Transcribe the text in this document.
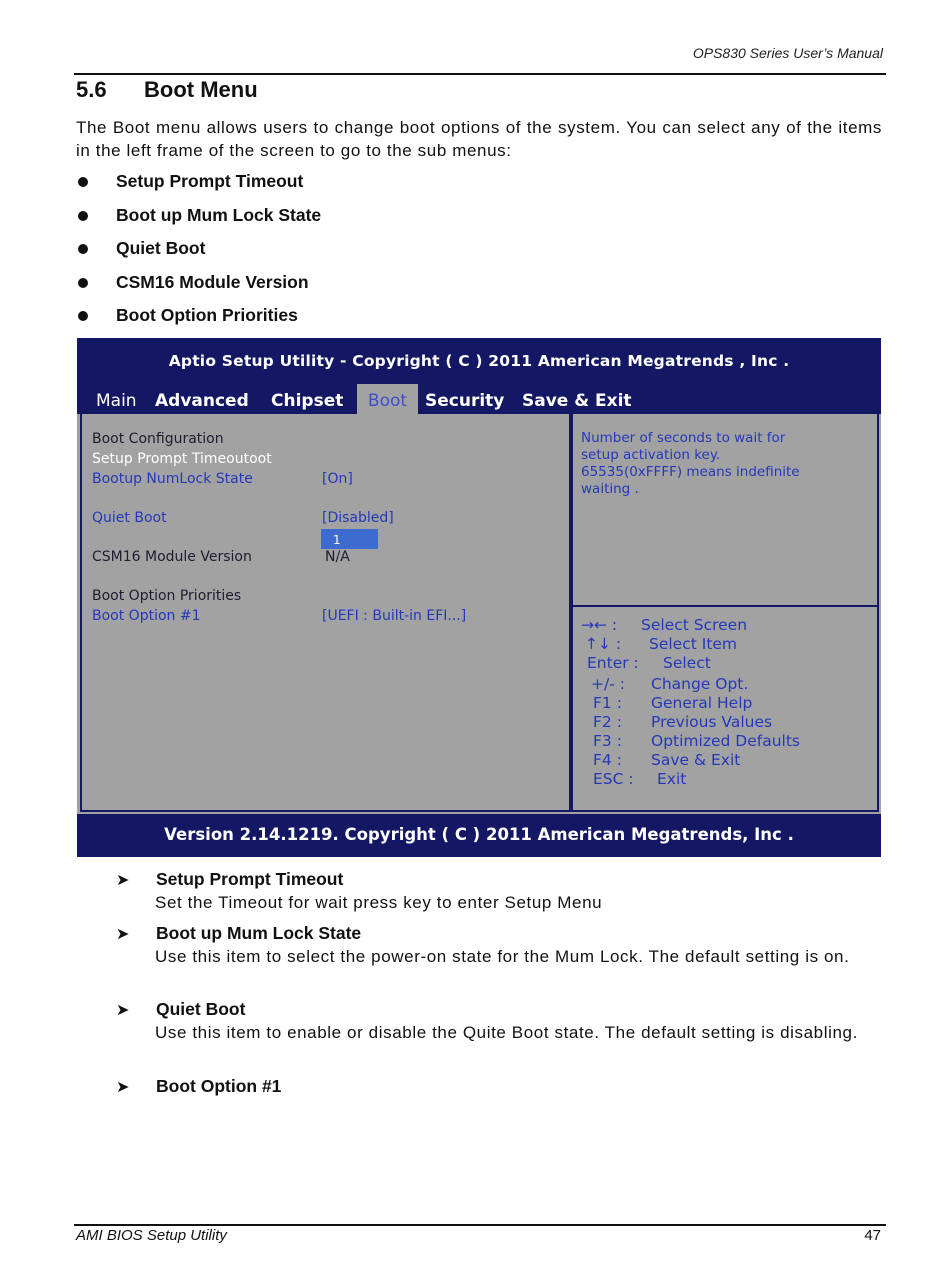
OPS830 Series User’s Manual
5.6 Boot Menu
The Boot menu allows users to change boot options of the system. You can select any of the items in the left frame of the screen to go to the sub menus:
Setup Prompt Timeout
Boot up Mum Lock State
Quiet Boot
CSM16 Module Version
Boot Option Priorities
Aptio Setup Utility - Copyright ( C ) 2011 American Megatrends , Inc .
Main Advanced Chipset	Boot	Security Save & Exit
Boot Configuration
Setup Prompt Timeoutoot
1
Bootup NumLock State	[On]
Quiet Boot	[Disabled]
CSM16 Module Version	N/A
Boot Option Priorities
Boot Option #1	[UEFI : Built-in EFI...]
Number of seconds to wait for
setup activation key.
65535(0xFFFF) means indefinite
waiting .
→← : Select Screen
↑↓ : Select Item
Enter : Select
+/- : Change Opt.
F1 : General Help
F2 : Previous Values
F3 : Optimized Defaults
F4 : Save & Exit
ESC : Exit
Version 2.14.1219. Copyright ( C ) 2011 American Megatrends, Inc .
➤ Setup Prompt Timeout
Set the Timeout for wait press key to enter Setup Menu
➤ Boot up Mum Lock State
Use this item to select the power-on state for the Mum Lock. The default setting is on.
➤ Quiet Boot
Use this item to enable or disable the Quite Boot state. The default setting is disabling.
➤ Boot Option #1
AMI BIOS Setup Utility	47
